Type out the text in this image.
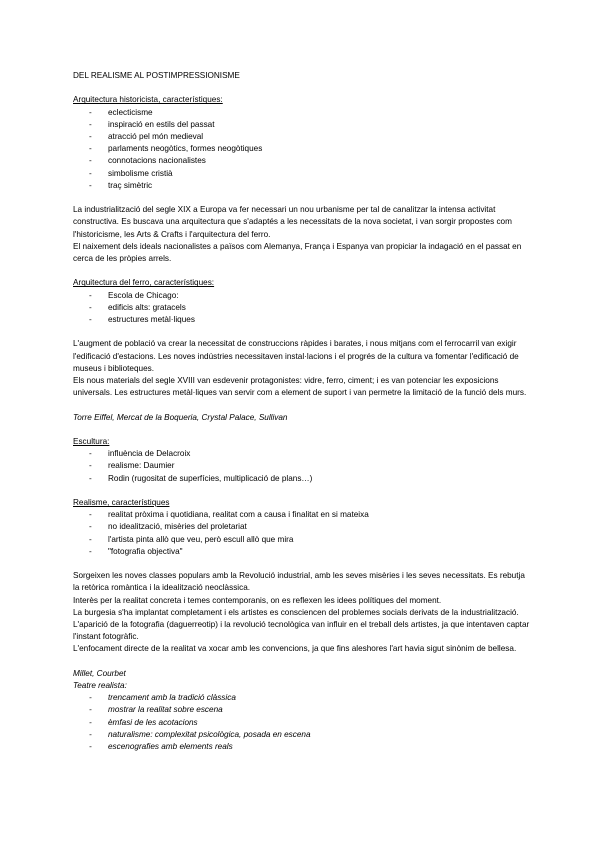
DEL REALISME AL POSTIMPRESSIONISME

Arquitectura historicista, característiques:

- eclecticisme
- inspiració en estils del passat
- atracció pel món medieval
- parlaments neogòtics, formes neogòtiques
- connotacions nacionalistes
- simbolisme cristià
- traç simètric

La industrialització del segle XIX a Europa va fer necessari un nou urbanisme per tal de canalitzar la intensa activitat constructiva. Es buscava una arquitectura que s'adaptés a les necessitats de la nova societat, i van sorgir propostes com l'historicisme, les Arts & Crafts i l'arquitectura del ferro.

El naixement dels ideals nacionalistes a països com Alemanya, França i Espanya van propiciar la indagació en el passat en cerca de les pròpies arrels.

Arquitectura del ferro, característiques:

- Escola de Chicago:
- edificis alts: gratacels
- estructures metàl·liques

L'augment de població va crear la necessitat de construccions ràpides i barates, i nous mitjans com el ferrocarril van exigir l'edificació d'estacions. Les noves indústries necessitaven instal·lacions i el progrés de la cultura va fomentar l'edificació de museus i biblioteques.

Els nous materials del segle XVIII van esdevenir protagonistes: vidre, ferro, ciment; i es van potenciar les exposicions universals. Les estructures metàl·liques van servir com a element de suport i van permetre la limitació de la funció dels murs.

Torre Eiffel, Mercat de la Boqueria, Crystal Palace, Sullivan

Escultura:

- influència de Delacroix
- realisme: Daumier
- Rodin (rugositat de superfícies, multiplicació de plans…)

Realisme, característiques

- realitat pròxima i quotidiana, realitat com a causa i finalitat en si mateixa
- no idealització, misèries del proletariat
- l'artista pinta allò que veu, però escull allò que mira
- "fotografia objectiva"

Sorgeixen les noves classes populars amb la Revolució industrial, amb les seves misèries i les seves necessitats. Es rebutja la retòrica romàntica i la idealització neoclàssica.

Interès per la realitat concreta i temes contemporanis, on es reflexen les idees polítiques del moment.

La burgesia s'ha implantat completament i els artistes es consciencen del problemes socials derivats de la industrialització. L'aparició de la fotografia (daguerreotip) i la revolució tecnològica van influir en el treball dels artistes, ja que intentaven captar l'instant fotogràfic.

L'enfocament directe de la realitat va xocar amb les convencions, ja que fins aleshores l'art havia sigut sinònim de bellesa.

Millet, Courbet

Teatre realista:

- trencament amb la tradició clàssica
- mostrar la realitat sobre escena
- èmfasi de les acotacions
- naturalisme: complexitat psicològica, posada en escena
- escenografies amb elements reals
